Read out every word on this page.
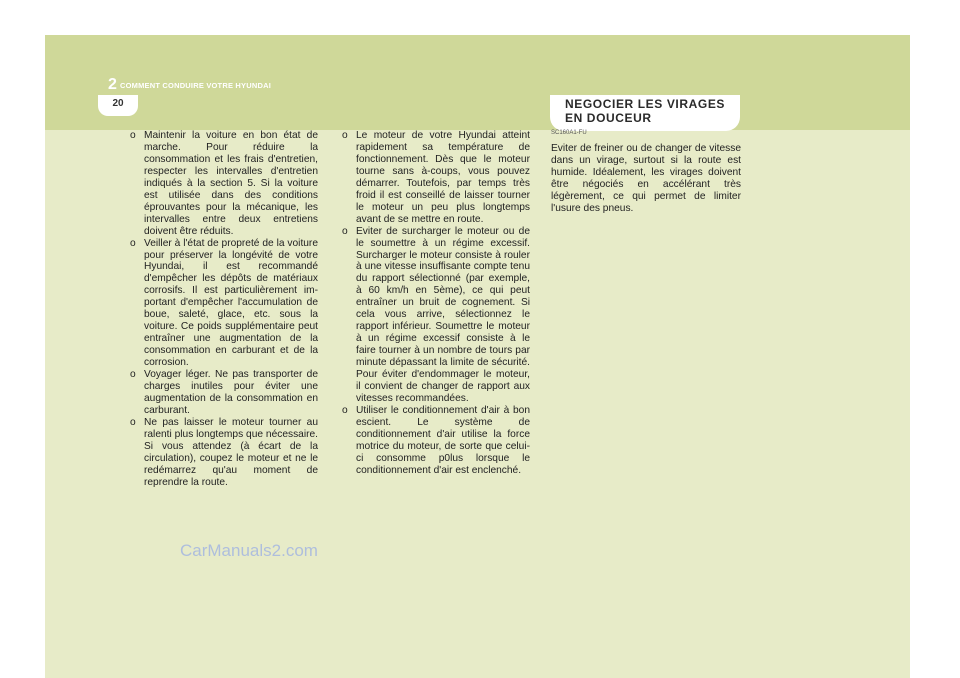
2 COMMENT CONDUIRE VOTRE HYUNDAI
20	NEGOCIER LES VIRAGES EN DOUCEUR

o Maintenir la voiture en bon état de marche. Pour réduire la consommation et les frais d'entretien, respecter les intervalles d'entretien indiqués à la section 5. Si la voiture est utilisée dans des conditions éprouvantes pour la mécanique, les intervalles entre deux entretiens doivent être réduits.

o Veiller à l'état de propreté de la voiture pour préserver la longévité de votre Hyundai, il est recommandé d'empêcher les dépôts de matériaux corrosifs. Il est particulièrement im-portant d'empêcher l'accumulation de boue, saleté, glace, etc. sous la voiture. Ce poids supplémentaire peut entraîner une augmentation de la consommation en carburant et de la corrosion.

o Voyager léger. Ne pas transporter de charges inutiles pour éviter une augmentation de la consommation en carburant.

o Ne pas laisser le moteur tourner au ralenti plus longtemps que nécessaire. Si vous attendez (à écart de la circulation), coupez le moteur et ne le redémarrez qu'au moment de reprendre la route.

o Le moteur de votre Hyundai atteint rapidement sa température de fonctionnement. Dès que le moteur tourne sans à-coups, vous pouvez démarrer. Toutefois, par temps très froid il est conseillé de laisser tourner le moteur un peu plus longtemps avant de se mettre en route.

o Eviter de surcharger le moteur ou de le soumettre à un régime excessif. Surcharger le moteur consiste à rouler à une vitesse insuffisante compte tenu du rapport sélectionné (par exemple, à 60 km/h en 5ème), ce qui peut entraîner un bruit de cognement. Si cela vous arrive, sélectionnez le rapport inférieur. Soumettre le moteur à un régime excessif consiste à le faire tourner à un nombre de tours par minute dépassant la limite de sécurité. Pour éviter d'endommager le moteur, il convient de changer de rapport aux vitesses recommandées.

o Utiliser le conditionnement d'air à bon escient. Le système de conditionnement d'air utilise la force motrice du moteur, de sorte que celui-ci consomme p0lus lorsque le conditionnement d'air est enclenché.

SC160A1-FU

Eviter de freiner ou de changer de vitesse dans un virage, surtout si la route est humide. Idéalement, les virages doivent être négociés en accélérant très légèrement, ce qui permet de limiter l'usure des pneus.

CarManuals2.com
